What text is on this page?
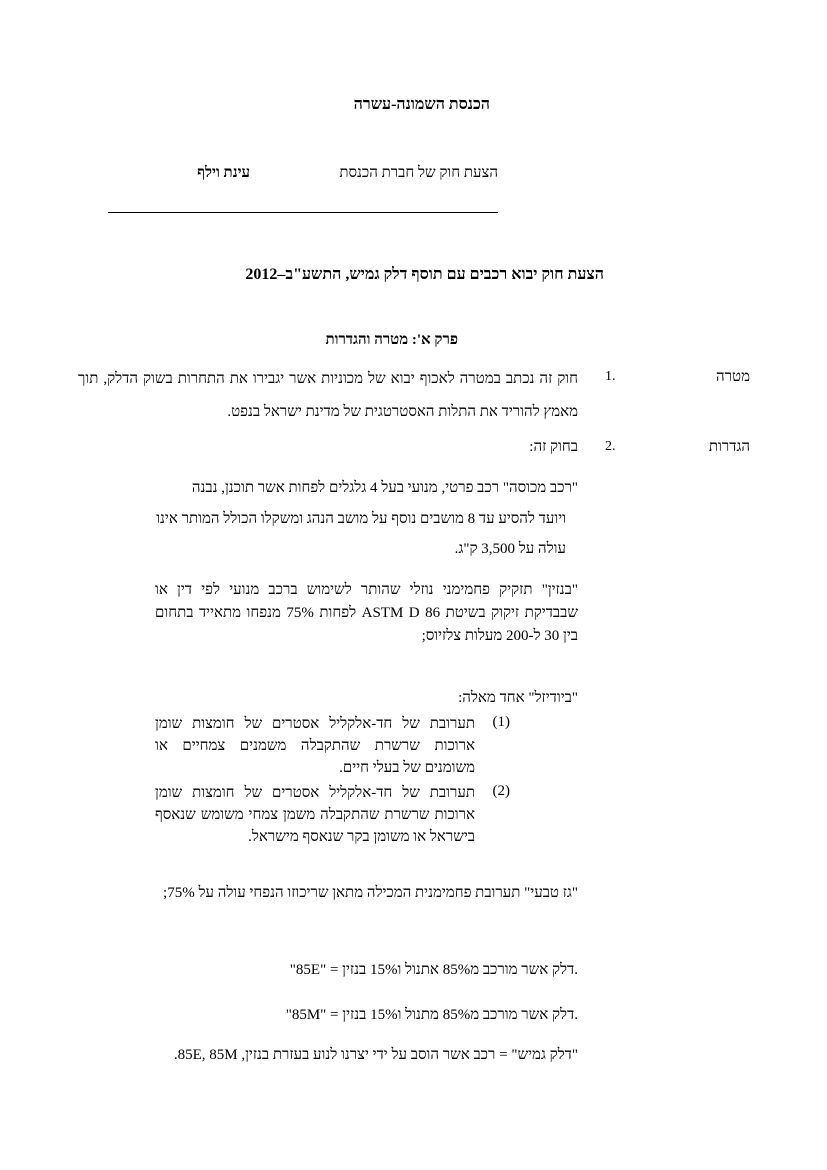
הכנסת השמונה-עשרה
הצעת חוק של חברת הכנסת
עינת וילף
הצעת חוק יבוא רכבים עם תוסף דלק גמיש, התשע"ב–2012
פרק א': מטרה והגדרות
מטרה
1.
חוק זה נכתב במטרה לאכוף יבוא של מכוניות אשר יגבירו את התחרות בשוק הדלק, תוך מאמץ להוריד את התלות האסטרטגית של מדינת ישראל בנפט.
הגדרות
2.
בחוק זה:
"רכב מכוסה" רכב פרטי, מנועי בעל 4 גלגלים לפחות אשר תוכנן, נבנה
ויועד להסיע עד 8 מושבים נוסף על מושב הנהג ומשקלו הכולל המותר אינו
עולה על 3,500 ק"ג.
"בנזין" תזקיק פחמימני נוזלי שהותר לשימוש ברכב מנועי לפי דין או שבבדיקת זיקוק בשיטת ASTM D 86 לפחות 75% מנפחו מתאייד בתחום בין 30 ל-200 מעלות צלזיוס;
"ביודיזל" אחד מאלה:
(1)
תערובת של חד-אלקליל אסטרים של חומצות שומן ארוכות שרשרת שהתקבלה משמנים צמחיים או משומנים של בעלי חיים.
(2)
תערובת של חד-אלקליל אסטרים של חומצות שומן ארוכות שרשרת שהתקבלה משמן צמחי משומש שנאסף בישראל או משומן בקר שנאסף מישראל.
"גז טבעי" תערובת פחמימנית המכילה מתאן שריכוזו הנפחי עולה על 75%;
"85E" = דלק אשר מורכב מ85% אתנול ו15% בנזין.
"85M" = דלק אשר מורכב מ85% מתנול ו15% בנזין.
"דלק גמיש" = רכב אשר הוסב על ידי יצרנו לנוע בעזרת בנזין, 85E, 85M.
